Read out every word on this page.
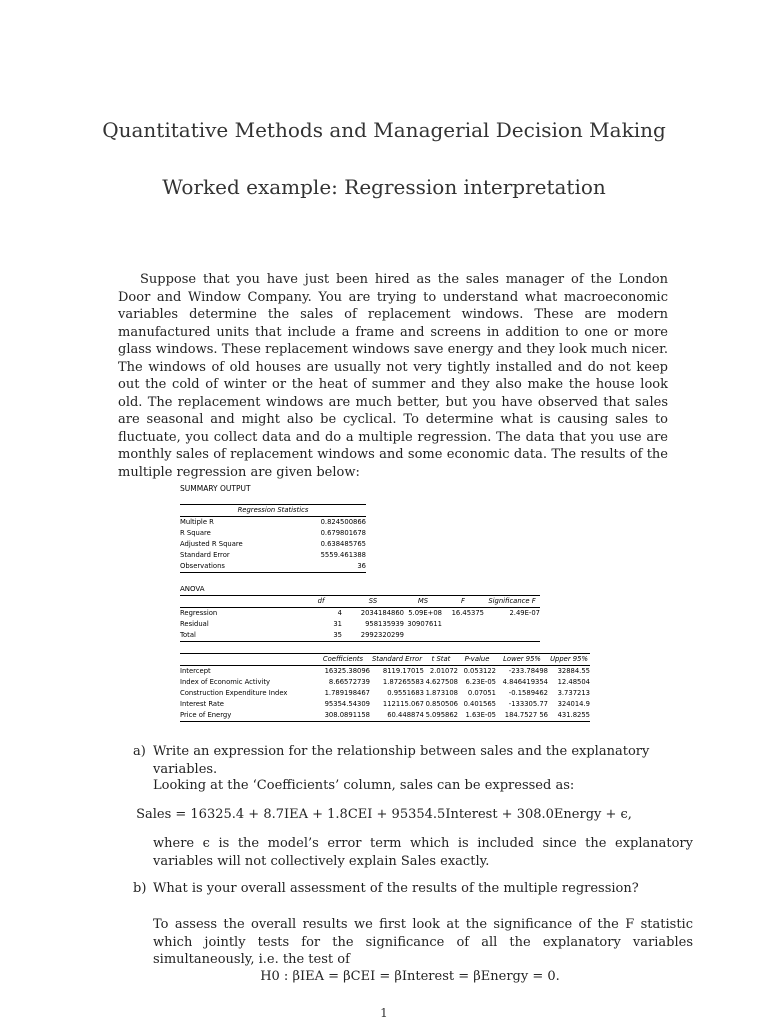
Quantitative Methods and Managerial Decision Making
Worked example: Regression interpretation

Suppose that you have just been hired as the sales manager of the London Door and Window Company. You are trying to understand what macroeconomic variables determine the sales of replacement windows. These are modern manufactured units that include a frame and screens in addition to one or more glass windows. These replacement windows save energy and they look much nicer. The windows of old houses are usually not very tightly installed and do not keep out the cold of winter or the heat of summer and they also make the house look old. The replacement windows are much better, but you have observed that sales are seasonal and might also be cyclical. To determine what is causing sales to fluctuate, you collect data and do a multiple regression. The data that you use are monthly sales of replacement windows and some economic data. The results of the multiple regression are given below:

SUMMARY OUTPUT
Regression Statistics	
Multiple R	0.824500866
R Square	0.679801678
Adjusted R Square	0.638485765
Standard Error	5559.461388
Observations	36
ANOVA
	df	SS	MS	F	Significance F
Regression	4	2034184860	5.09E+08	16.45375	2.49E-07
Residual	31	958135939	30907611		
Total	35	2992320299			
	Coefficients	Standard Error	t Stat	P-value	Lower 95%	Upper 95%
Intercept	16325.38096	8119.17015	2.01072	0.053122	-233.78498	32884.55
Index of Economic Activity	8.66572739	1.87265583	4.627508	6.23E-05	4.846419354	12.48504
Construction Expenditure Index	1.789198467	0.9551683	1.873108	0.07051	-0.1589462	3.737213
Interest Rate	95354.54309	112115.067	0.850506	0.401565	-133305.77	324014.9
Price of Energy	308.0891158	60.448874	5.095862	1.63E-05	184.7527 56	431.8255
a) Write an expression for the relationship between sales and the explanatory variables.
Looking at the ‘Coefficients’ column, sales can be expressed as:
Sales = 16325.4 + 8.7IEA + 1.8CEI + 95354.5Interest + 308.0Energy + ϵ,
where ϵ is the model’s error term which is included since the explanatory variables will not collectively explain Sales exactly.
b) What is your overall assessment of the results of the multiple regression?
To assess the overall results we first look at the significance of the F statistic which jointly tests for the significance of all the explanatory variables simultaneously, i.e. the test of
H0 : βIEA = βCEI = βInterest = βEnergy = 0.
1
